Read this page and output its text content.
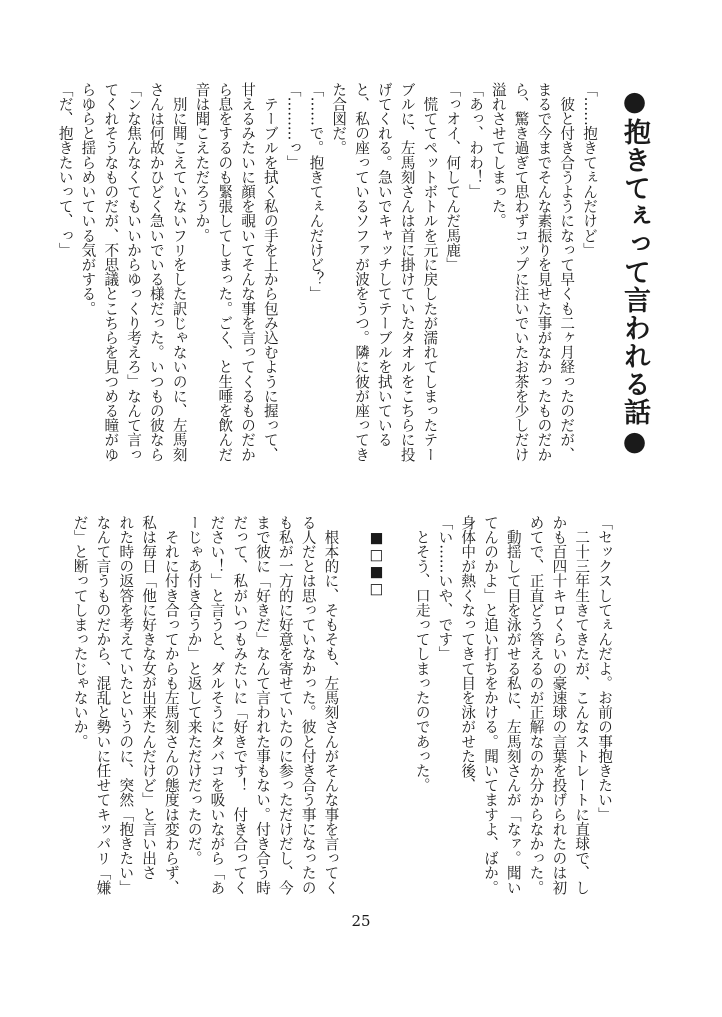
●抱きてぇって言われる話●

「……抱きてぇんだけど」

　彼と付き合うようになって早くも二ヶ月経ったのだが、

まるで今までそんな素振りを見せた事がなかったものだか

ら、驚き過ぎて思わずコップに注いでいたお茶を少しだけ

溢れさせてしまった。

「あっ、わわ！」

「っオイ、何してんだ馬鹿」

　慌ててペットボトルを元に戻したが濡れてしまったテー

ブルに、左馬刻さんは首に掛けていたタオルをこちらに投

げてくれる。急いでキャッチしてテーブルを拭いている

と、私の座っているソファが波をうつ。隣に彼が座ってき

た合図だ。

「……で。抱きてぇんだけど？」

「………っ」

　テーブルを拭く私の手を上から包み込むように握って、

甘えるみたいに顔を覗いてそんな事を言ってくるものだか

ら息をするのも緊張してしまった。ごく、と生唾を飲んだ

音は聞こえただろうか。

　別に聞こえていないフリをした訳じゃないのに、左馬刻

さんは何故かひどく急いでいる様だった。いつもの彼なら

「ンな焦んなくてもいいからゆっくり考えろ」なんて言っ

てくれそうなものだが、不思議とこちらを見つめる瞳がゆ

らゆらと揺らめいている気がする。

「だ、抱きたいって、っ」

「セックスしてぇんだよ。お前の事抱きたい」

　二十三年生きてきたが、こんなストレートに直球で、し

かも百四十キロくらいの豪速球の言葉を投げられたのは初

めてで、正直どう答えるのが正解なのか分からなかった。

　動揺して目を泳がせる私に、左馬刻さんが「なァ。聞い

てんのかよ」と追い打ちをかける。聞いてますよ、ばか。

身体中が熱くなってきて目を泳がせた後、

「い……いや、です」

　とそう、口走ってしまったのであった。

　■□■□

　根本的に、そもそも、左馬刻さんがそんな事を言ってく

る人だとは思っていなかった。彼と付き合う事になったの

も私が一方的に好意を寄せていたのに参っただけだし、今

まで彼に「好きだ」なんて言われた事もない。付き合う時

だって、私がいつもみたいに「好きです！　付き合ってく

ださい！」と言うと、ダルそうにタバコを吸いながら「あ

ーじゃあ付き合うか」と返して来ただけだったのだ。

　それに付き合ってからも左馬刻さんの態度は変わらず、

私は毎日「他に好きな女が出来たんだけど」と言い出さ

れた時の返答を考えていたというのに、突然「抱きたい」

なんて言うものだから、混乱と勢いに任せてキッパリ「嫌

だ」と断ってしまったじゃないか。

25
